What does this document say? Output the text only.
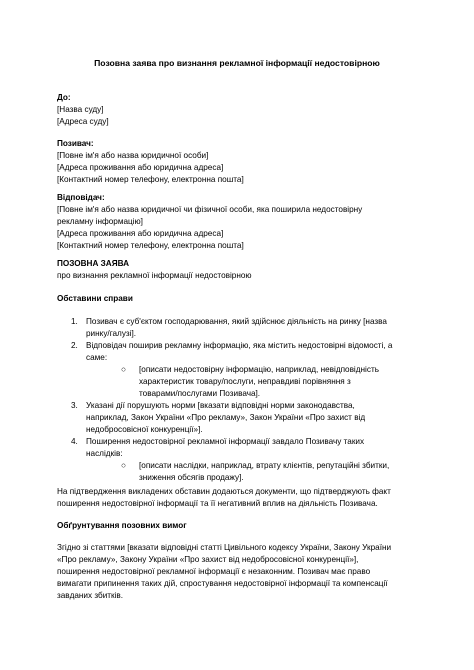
Позовна заява про визнання рекламної інформації недостовірною
До:
[Назва суду]
[Адреса суду]
Позивач:
[Повне ім'я або назва юридичної особи]
[Адреса проживання або юридична адреса]
[Контактний номер телефону, електронна пошта]
Відповідач:
[Повне ім'я або назва юридичної чи фізичної особи, яка поширила недостовірну
рекламну інформацію]
[Адреса проживання або юридична адреса]
[Контактний номер телефону, електронна пошта]
ПОЗОВНА ЗАЯВА
про визнання рекламної інформації недостовірною
Обставини справи
1. Позивач є суб'єктом господарювання, який здійснює діяльність на ринку [назва
ринку/галузі].
2. Відповідач поширив рекламну інформацію, яка містить недостовірні відомості, а
саме:
○ [описати недостовірну інформацію, наприклад, невідповідність
характеристик товару/послуги, неправдиві порівняння з
товарами/послугами Позивача].
3. Указані дії порушують норми [вказати відповідні норми законодавства,
наприклад, Закон України «Про рекламу», Закон України «Про захист від
недобросовісної конкуренції»].
4. Поширення недостовірної рекламної інформації завдало Позивачу таких
наслідків:
○ [описати наслідки, наприклад, втрату клієнтів, репутаційні збитки,
зниження обсягів продажу].
На підтвердження викладених обставин додаються документи, що підтверджують факт
поширення недостовірної інформації та її негативний вплив на діяльність Позивача.
Обґрунтування позовних вимог
Згідно зі статтями [вказати відповідні статті Цивільного кодексу України, Закону України
«Про рекламу», Закону України «Про захист від недобросовісної конкуренції»],
поширення недостовірної рекламної інформації є незаконним. Позивач має право
вимагати припинення таких дій, спростування недостовірної інформації та компенсації
завданих збитків.
